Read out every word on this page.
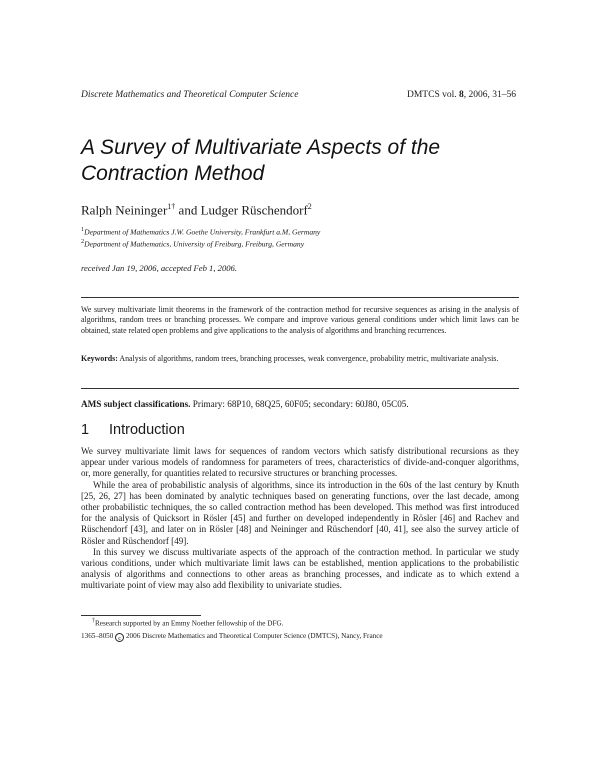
Discrete Mathematics and Theoretical Computer Science	DMTCS vol. 8, 2006, 31–56
A Survey of Multivariate Aspects of the Contraction Method
Ralph Neininger$^{1\dagger}$ and Ludger Rüschendorf$^2$
$^1$Department of Mathematics J.W. Goethe University, Frankfurt a.M, Germany
$^2$Department of Mathematics, University of Freiburg, Freiburg, Germany
received Jan 19, 2006, accepted Feb 1, 2006.
We survey multivariate limit theorems in the framework of the contraction method for recursive sequences as arising in the analysis of algorithms, random trees or branching processes. We compare and improve various general conditions under which limit laws can be obtained, state related open problems and give applications to the analysis of algorithms and branching recurrences.
Keywords: Analysis of algorithms, random trees, branching processes, weak convergence, probability metric, multivariate analysis.
AMS subject classifications. Primary: 68P10, 68Q25, 60F05; secondary: 60J80, 05C05.
1 Introduction

We survey multivariate limit laws for sequences of random vectors which satisfy distributional recursions as they appear under various models of randomness for parameters of trees, characteristics of divide-and-conquer algorithms, or, more generally, for quantities related to recursive structures or branching processes.

While the area of probabilistic analysis of algorithms, since its introduction in the 60s of the last century by Knuth [25, 26, 27] has been dominated by analytic techniques based on generating functions, over the last decade, among other probabilistic techniques, the so called contraction method has been developed. This method was first introduced for the analysis of Quicksort in Rösler [45] and further on developed independently in Rösler [46] and Rachev and Rüschendorf [43], and later on in Rösler [48] and Neininger and Rüschendorf [40, 41], see also the survey article of Rösler and Rüschendorf [49].

In this survey we discuss multivariate aspects of the approach of the contraction method. In particular we study various conditions, under which multivariate limit laws can be established, mention applications to the probabilistic analysis of algorithms and connections to other areas as branching processes, and indicate as to which extend a multivariate point of view may also add flexibility to univariate studies.

†Research supported by an Emmy Noether fellowship of the DFG.
1365–8050 c 2006 Discrete Mathematics and Theoretical Computer Science (DMTCS), Nancy, France
